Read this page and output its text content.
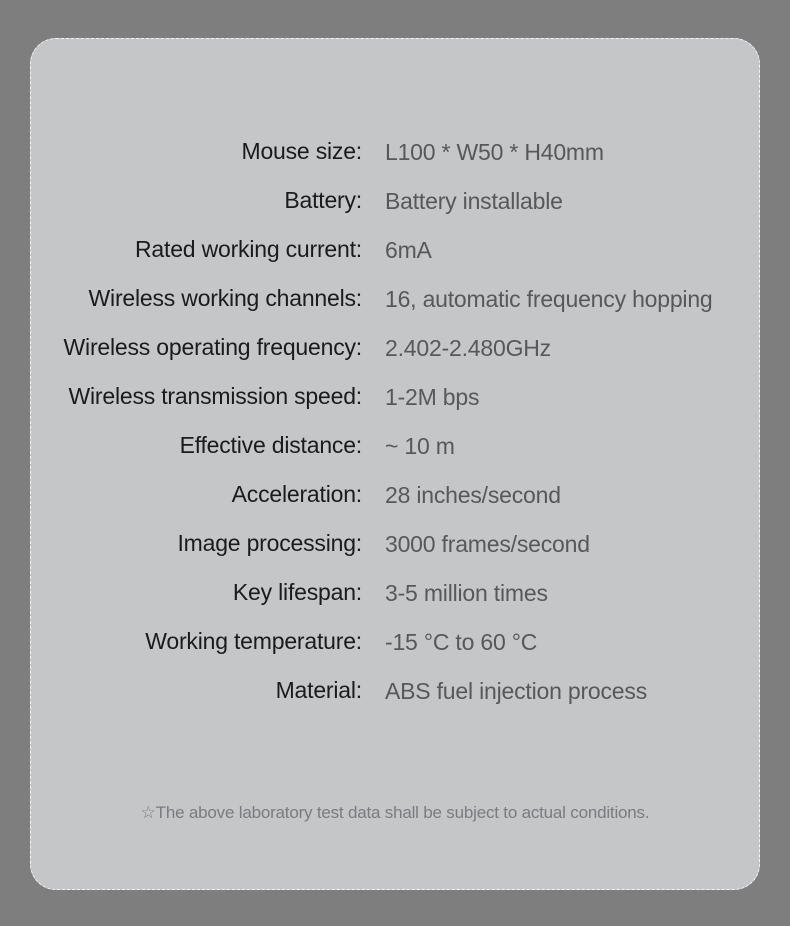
Mouse size: L100 * W50 * H40mm
Battery: Battery installable
Rated working current: 6mA
Wireless working channels: 16, automatic frequency hopping
Wireless operating frequency: 2.402-2.480GHz
Wireless transmission speed: 1-2M bps
Effective distance: ~ 10 m
Acceleration: 28 inches/second
Image processing: 3000 frames/second
Key lifespan: 3-5 million times
Working temperature: -15 °C to 60 °C
Material: ABS fuel injection process
☆The above laboratory test data shall be subject to actual conditions.
